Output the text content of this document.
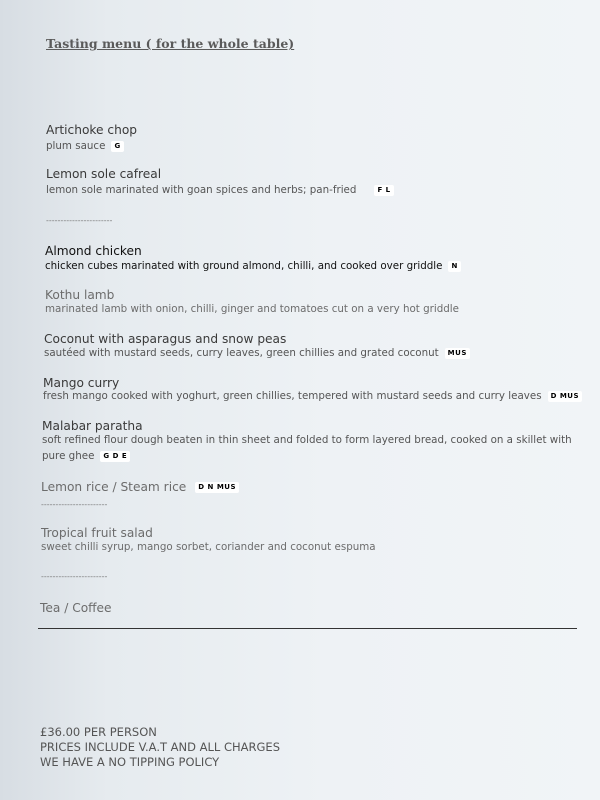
Tasting menu ( for the whole table)
Artichoke chop
plum sauce G
Lemon sole cafreal
lemon sole marinated with goan spices and herbs; pan-fried	F L
-----------------------
Almond chicken
chicken cubes marinated with ground almond, chilli, and cooked over griddle N
Kothu lamb
marinated lamb with onion, chilli, ginger and tomatoes cut on a very hot griddle
Coconut with asparagus and snow peas
sautéed with mustard seeds, curry leaves, green chillies and grated coconut MUS
Mango curry
fresh mango cooked with yoghurt, green chillies, tempered with mustard seeds and curry leaves D MUS
Malabar paratha
soft refined flour dough beaten in thin sheet and folded to form layered bread, cooked on a skillet with pure ghee G D E
Lemon rice / Steam rice D N MUS
-----------------------
Tropical fruit salad
sweet chilli syrup, mango sorbet, coriander and coconut espuma
-----------------------
Tea / Coffee
£36.00 PER PERSON
PRICES INCLUDE V.A.T AND ALL CHARGES
WE HAVE A NO TIPPING POLICY
